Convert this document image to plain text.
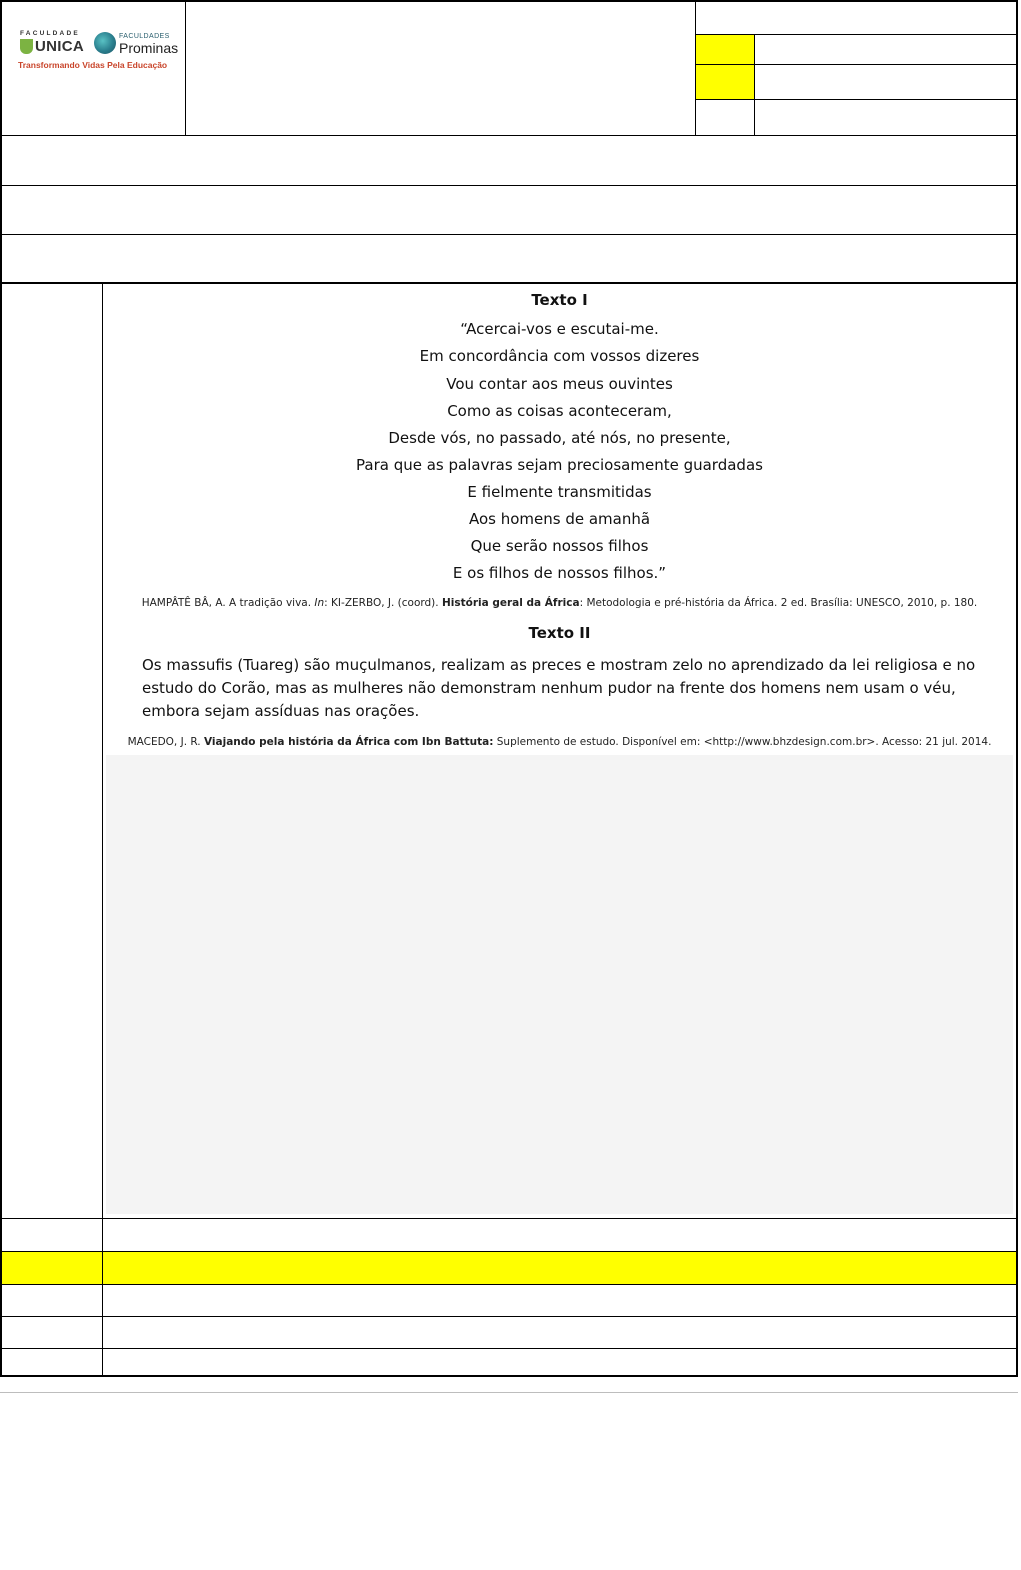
FACULDADE
UNICA
FACULDADES
Prominas
Transformando Vidas Pela Educação
Texto I
“Acercai-vos e escutai-me.
Em concordância com vossos dizeres
Vou contar aos meus ouvintes
Como as coisas aconteceram,
Desde vós, no passado, até nós, no presente,
Para que as palavras sejam preciosamente guardadas
E fielmente transmitidas
Aos homens de amanhã
Que serão nossos filhos
E os filhos de nossos filhos.”
HAMPÂTÊ BÂ, A. A tradição viva. In: KI-ZERBO, J. (coord). História geral da África: Metodologia e pré-história da África. 2 ed. Brasília: UNESCO, 2010, p. 180.
Texto II
Os massufis (Tuareg) são muçulmanos, realizam as preces e mostram zelo no aprendizado da lei religiosa e no estudo do Corão, mas as mulheres não demonstram nenhum pudor na frente dos homens nem usam o véu, embora sejam assíduas nas orações.
MACEDO, J. R. Viajando pela história da África com Ibn Battuta: Suplemento de estudo. Disponível em: <http://www.bhzdesign.com.br>. Acesso: 21 jul. 2014.
